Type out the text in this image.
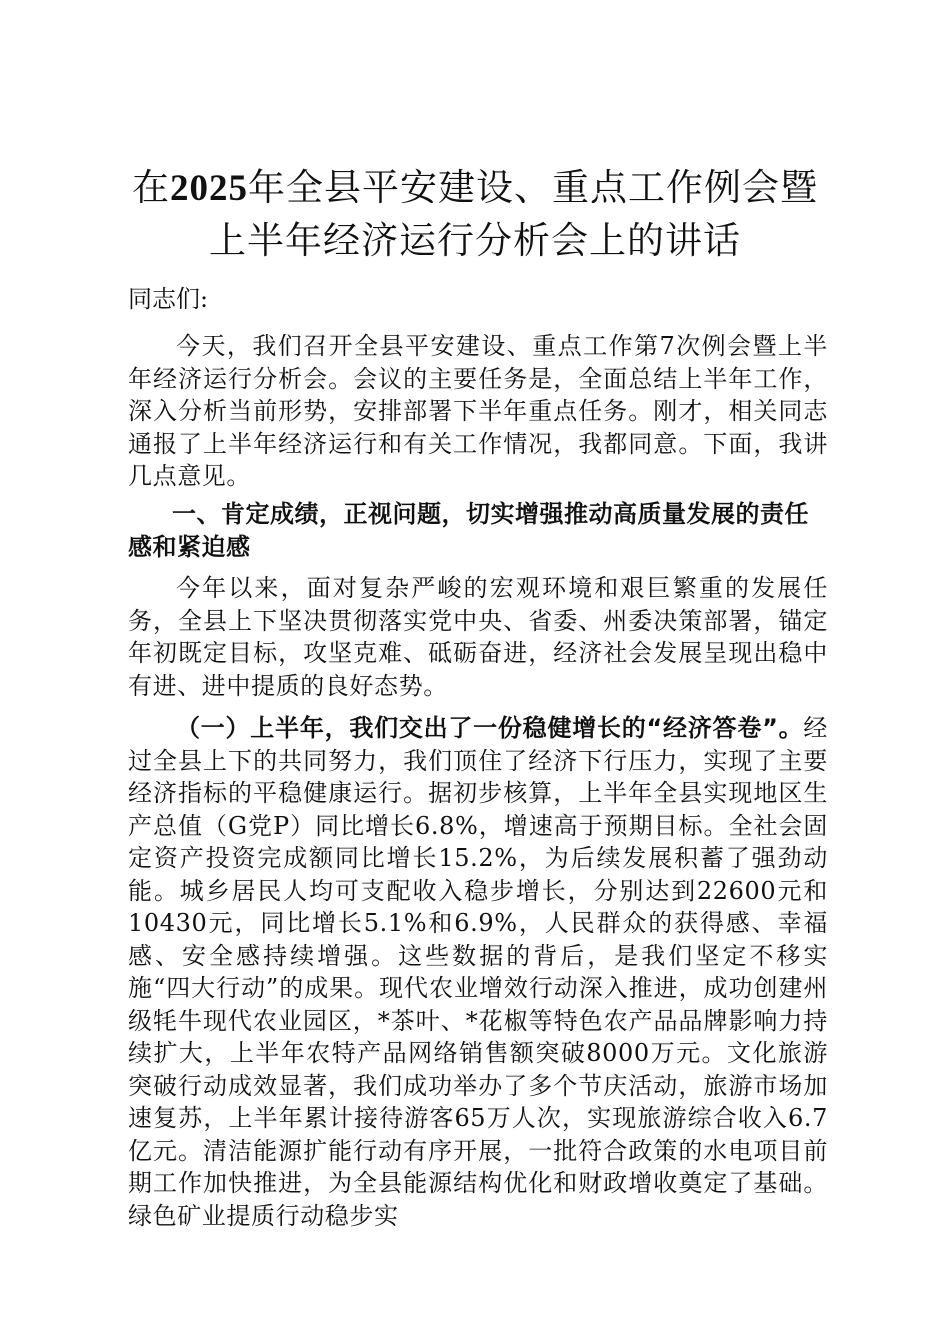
在2025年全县平安建设、重点工作例会暨上半年经济运行分析会上的讲话

同志们:

今天，我们召开全县平安建设、重点工作第7次例会暨上半年经济运行分析会。会议的主要任务是，全面总结上半年工作，深入分析当前形势，安排部署下半年重点任务。刚才，相关同志通报了上半年经济运行和有关工作情况，我都同意。下面，我讲几点意见。

一、肯定成绩，正视问题，切实增强推动高质量发展的责任感和紧迫感

今年以来，面对复杂严峻的宏观环境和艰巨繁重的发展任务，全县上下坚决贯彻落实党中央、省委、州委决策部署，锚定年初既定目标，攻坚克难、砥砺奋进，经济社会发展呈现出稳中有进、进中提质的良好态势。

（一）上半年，我们交出了一份稳健增长的“经济答卷”。经过全县上下的共同努力，我们顶住了经济下行压力，实现了主要经济指标的平稳健康运行。据初步核算，上半年全县实现地区生产总值（G党P）同比增长6.8%，增速高于预期目标。全社会固定资产投资完成额同比增长15.2%，为后续发展积蓄了强劲动能。城乡居民人均可支配收入稳步增长，分别达到22600元和10430元，同比增长5.1%和6.9%，人民群众的获得感、幸福感、安全感持续增强。这些数据的背后，是我们坚定不移实施“四大行动”的成果。现代农业增效行动深入推进，成功创建州级牦牛现代农业园区，*茶叶、*花椒等特色农产品品牌影响力持续扩大，上半年农特产品网络销售额突破8000万元。文化旅游突破行动成效显著，我们成功举办了多个节庆活动，旅游市场加速复苏，上半年累计接待游客65万人次，实现旅游综合收入6.7亿元。清洁能源扩能行动有序开展，一批符合政策的水电项目前期工作加快推进，为全县能源结构优化和财政增收奠定了基础。绿色矿业提质行动稳步实
